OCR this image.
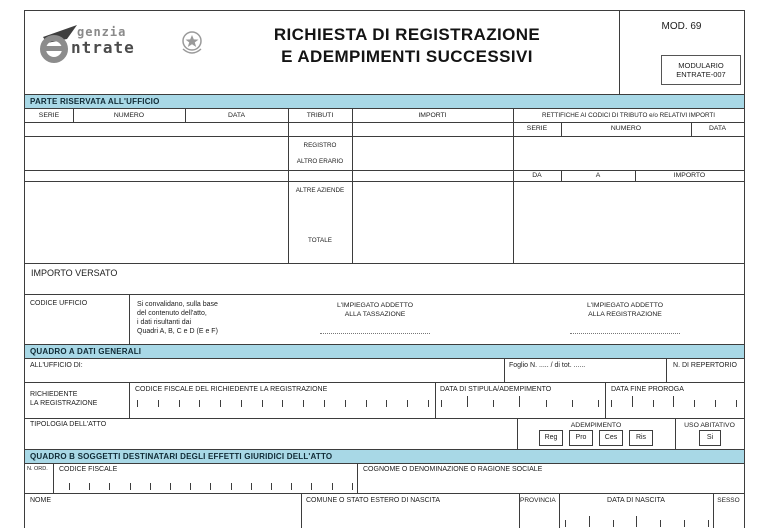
genzia
ntrate
RICHIESTA DI REGISTRAZIONE
E ADEMPIMENTI SUCCESSIVI
MOD. 69
MODULARIO
ENTRATE-007
PARTE RISERVATA ALL'UFFICIO
SERIE	NUMERO	DATA	TRIBUTI	IMPORTI	RETTIFICHE AI CODICI DI TRIBUTO e/o RELATIVI IMPORTI
SERIE	NUMERO	DATA
REGISTRO
ALTRO ERARIO
DA	A	IMPORTO
ALTRE AZIENDE
TOTALE
IMPORTO VERSATO
CODICE UFFICIO	Si convalidano, sulla base
del contenuto dell'atto,
i dati risultanti dai
Quadri A, B, C e D (E e F)
L'IMPIEGATO ADDETTO
ALLA TASSAZIONE
L'IMPIEGATO ADDETTO
ALLA REGISTRAZIONE
QUADRO A DATI GENERALI
ALL'UFFICIO DI:	Foglio N. ..... / di tot. ......	N. DI REPERTORIO
RICHIEDENTE
LA REGISTRAZIONE
CODICE FISCALE DEL RICHIEDENTE LA REGISTRAZIONE	DATA DI STIPULA/ADEMPIMENTO	DATA FINE PROROGA
TIPOLOGIA DELL'ATTO	ADEMPIMENTO
Reg	Pro	Ces	Ris
USO ABITATIVO
Si
QUADRO B SOGGETTI DESTINATARI DEGLI EFFETTI GIURIDICI DELL'ATTO
N. ORD. CODICE FISCALE	COGNOME O DENOMINAZIONE O RAGIONE SOCIALE
NOME	COMUNE O STATO ESTERO DI NASCITA	PROVINCIA	DATA DI NASCITA	SESSO
